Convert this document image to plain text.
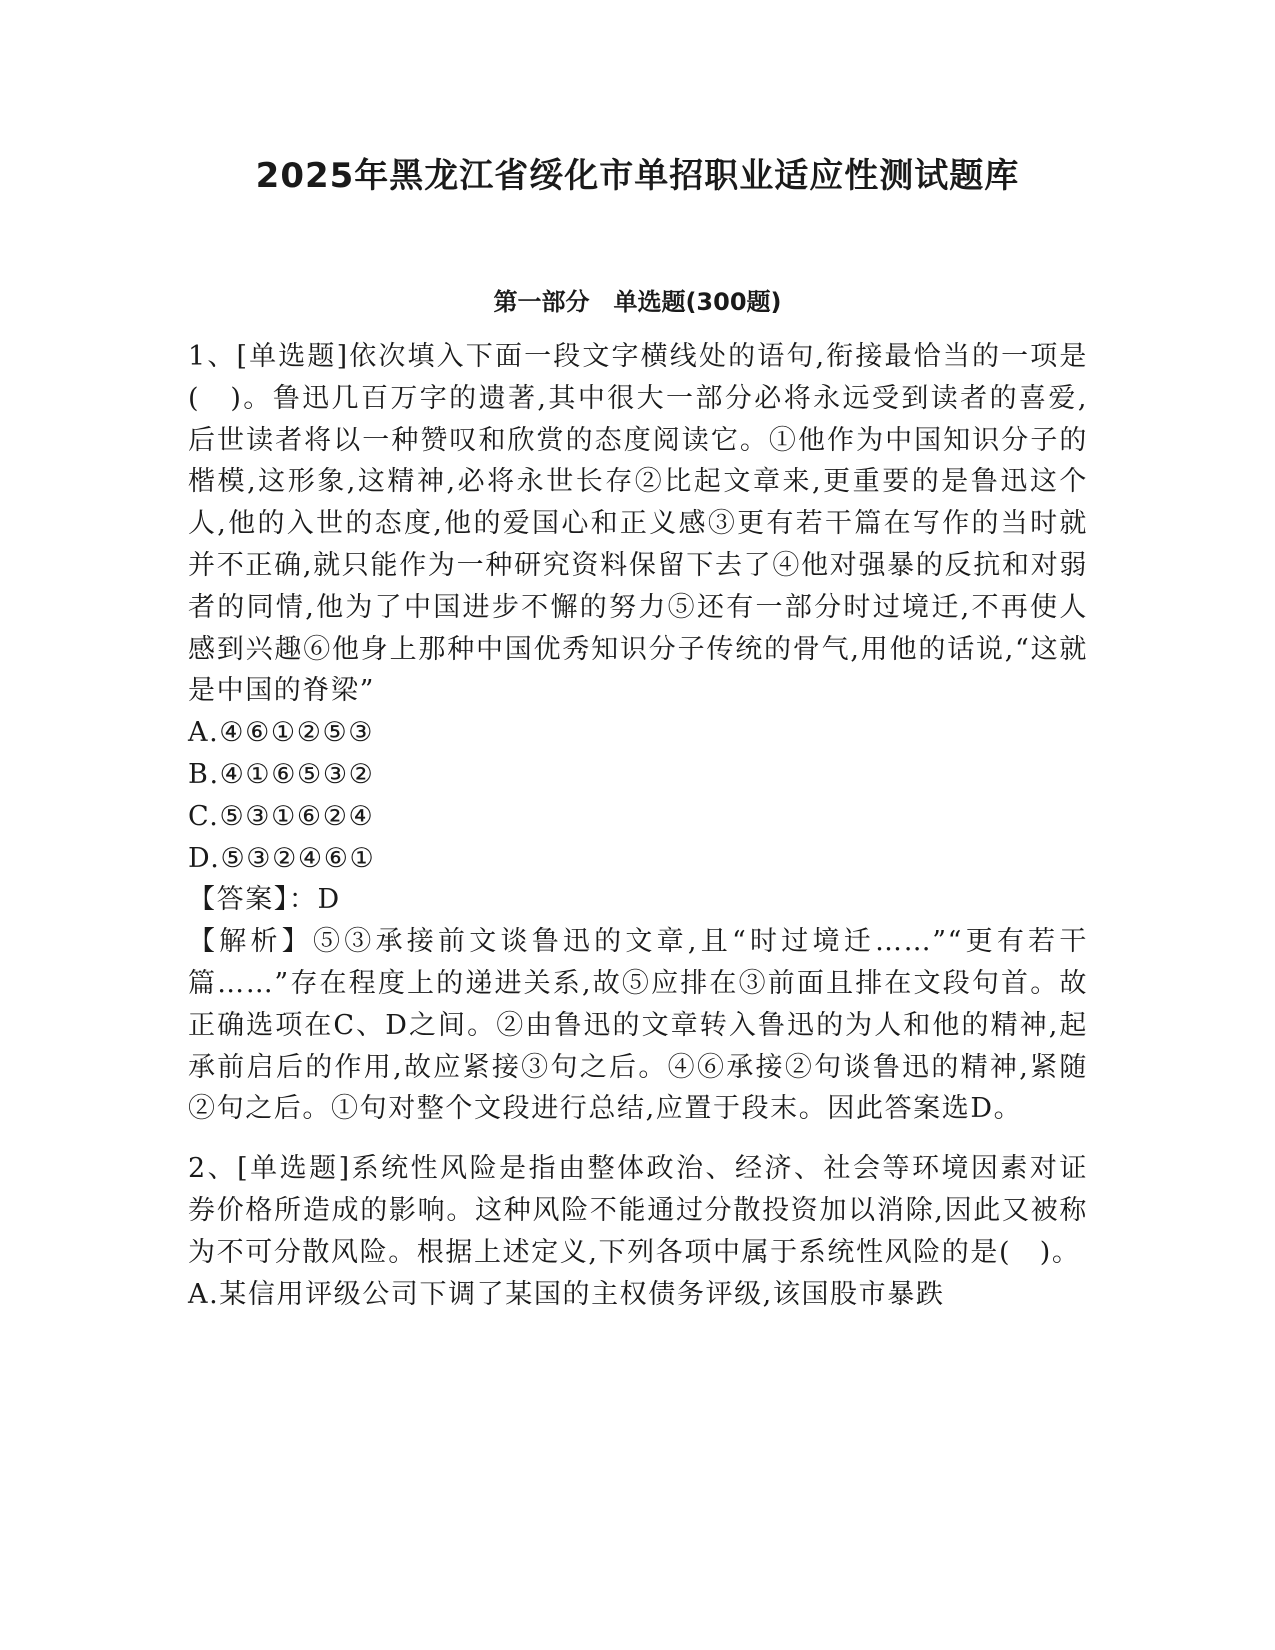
2025年黑龙江省绥化市单招职业适应性测试题库
第一部分　单选题(300题)

1、[单选题]依次填入下面一段文字横线处的语句,衔接最恰当的一项是(　)。鲁迅几百万字的遗著,其中很大一部分必将永远受到读者的喜爱,后世读者将以一种赞叹和欣赏的态度阅读它。①他作为中国知识分子的楷模,这形象,这精神,必将永世长存②比起文章来,更重要的是鲁迅这个人,他的入世的态度,他的爱国心和正义感③更有若干篇在写作的当时就并不正确,就只能作为一种研究资料保留下去了④他对强暴的反抗和对弱者的同情,他为了中国进步不懈的努力⑤还有一部分时过境迁,不再使人感到兴趣⑥他身上那种中国优秀知识分子传统的骨气,用他的话说,“这就是中国的脊梁”

A.④⑥①②⑤③

B.④①⑥⑤③②

C.⑤③①⑥②④

D.⑤③②④⑥①

【答案】：D

【解析】⑤③承接前文谈鲁迅的文章,且“时过境迁……”“更有若干篇……”存在程度上的递进关系,故⑤应排在③前面且排在文段句首。故正确选项在C、D之间。②由鲁迅的文章转入鲁迅的为人和他的精神,起承前启后的作用,故应紧接③句之后。④⑥承接②句谈鲁迅的精神,紧随②句之后。①句对整个文段进行总结,应置于段末。因此答案选D。

2、[单选题]系统性风险是指由整体政治、经济、社会等环境因素对证券价格所造成的影响。这种风险不能通过分散投资加以消除,因此又被称为不可分散风险。根据上述定义,下列各项中属于系统性风险的是(　)。

A.某信用评级公司下调了某国的主权债务评级,该国股市暴跌
